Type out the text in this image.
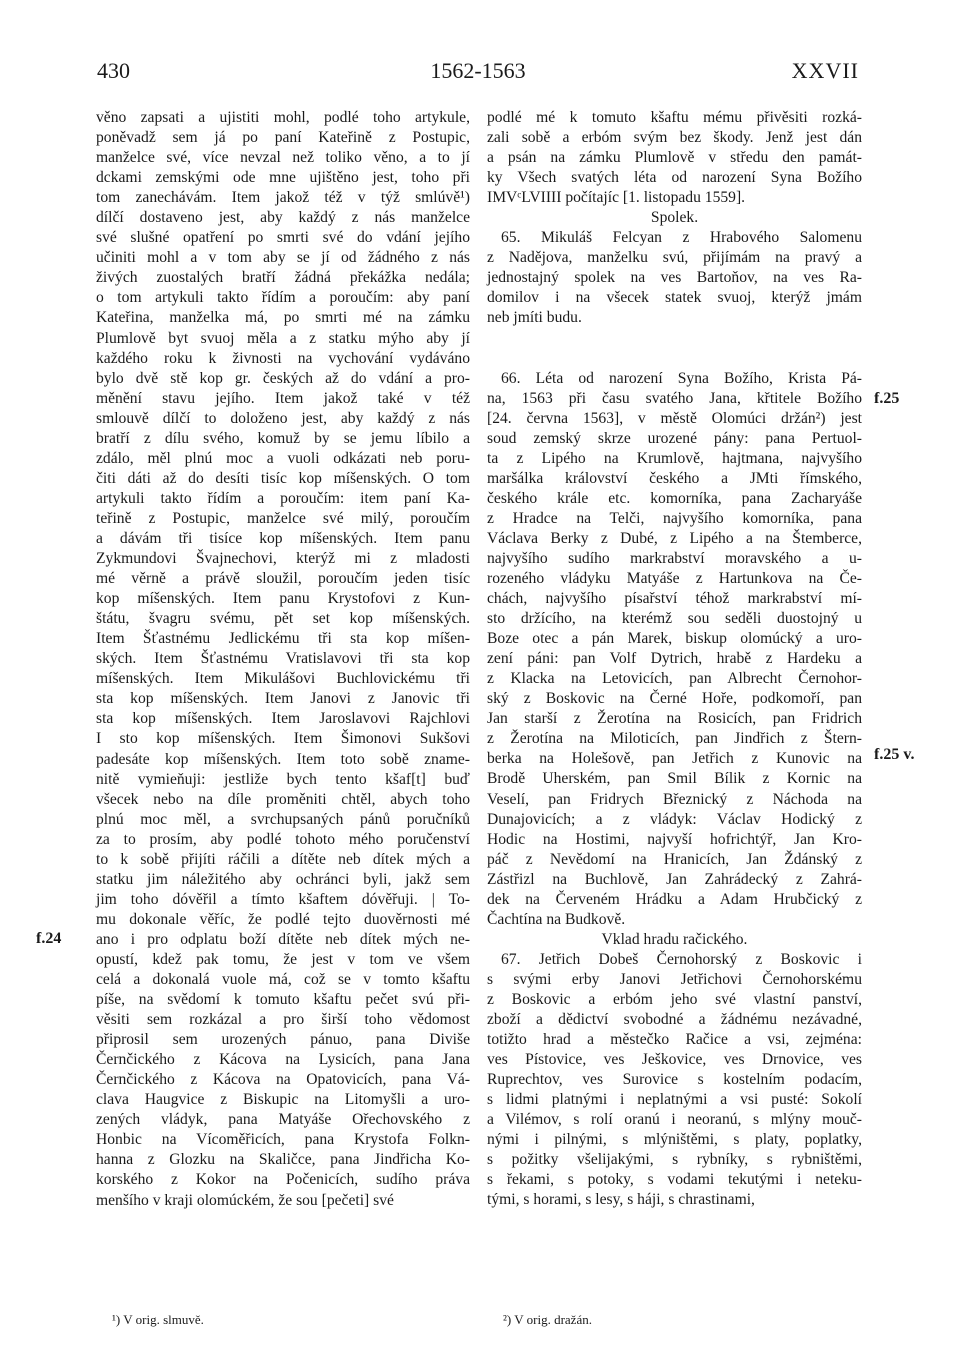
430	1562-1563	XXVII
věno zapsati a ujistiti mohl, podlé toho artykule,
poněvadž sem já po paní Kateřině z Postupic,
manželce své, více nevzal než toliko věno, a to jí
dckami zemskými ode mne ujištěno jest, toho při
tom zanechávám. Item jakož též v týž smlúvě¹)
dílčí dostaveno jest, aby každý z nás manželce
své slušné opatření po smrti své do vdání jejího
učiniti mohl a v tom aby se jí od žádného z nás
živých zuostalých bratří žádná překážka nedála;
o tom artykuli takto řídím a poroučím: aby paní
Kateřina, manželka má, po smrti mé na zámku
Plumlově byt svuoj měla a z statku mýho aby jí
každého roku k živnosti na vychování vydáváno
bylo dvě stě kop gr. českých až do vdání a pro-
měnění stavu jejího. Item jakož také v též
smlouvě dílčí to doloženo jest, aby každý z nás
bratří z dílu svého, komuž by se jemu líbilo a
zdálo, měl plnú moc a vuoli odkázati neb poru-
čiti dáti až do desíti tisíc kop míšenských. O tom
artykuli takto řídím a poroučím: item paní Ka-
teřině z Postupic, manželce své milý, poroučím
a dávám tři tisíce kop míšenských. Item panu
Zykmundovi Švajnechovi, kterýž mi z mladosti
mé věrně a právě sloužil, poroučím jeden tisíc
kop míšenských. Item panu Krystofovi z Kun-
štátu, švagru svému, pět set kop míšenských.
Item Šťastnému Jedlickému tři sta kop míšen-
ských. Item Šťastnému Vratislavovi tři sta kop
míšenských. Item Mikulášovi Buchlovickému tři
sta kop míšenských. Item Janovi z Janovic tři
sta kop míšenských. Item Jaroslavovi Rajchlovi
I sto kop míšenských. Item Šimonovi Sukšovi
padesáte kop míšenských. Item toto sobě zname-
nitě vymieňuji: jestliže bych tento kšaf[t] buď
všecek nebo na díle proměniti chtěl, abych toho
plnú moc měl, a svrchupsaných pánů poručníků
za to prosím, aby podlé tohoto mého poručenství
to k sobě přijíti ráčili a dítěte neb dítek mých a
statku jim náležitého aby ochránci byli, jakž sem
jim toho dóvěřil a tímto kšaftem dóvěřuji. | To-
mu dokonale věříc, že podlé tejto duověrnosti mé
ano i pro odplatu boží dítěte neb dítek mých ne-
opustí, kdež pak tomu, že jest v tom ve všem
celá a dokonalá vuole má, což se v tomto kšaftu
píše, na svědomí k tomuto kšaftu pečet svú při-
věsiti sem rozkázal a pro širší toho vědomost
připrosil sem urozených pánuo, pana Diviše
Černčického z Kácova na Lysicích, pana Jana
Černčického z Kácova na Opatovicích, pana Vá-
clava Haugvice z Biskupic na Litomyšli a uro-
zených vládyk, pana Matyáše Ořechovského z
Honbic na Vícoměřicích, pana Krystofa Folkn-
hanna z Glozku na Skaličce, pana Jindřicha Ko-
korského z Kokor na Počenicích, sudího práva
menšího v kraji olomúckém, že sou [pečeti] své
podlé mé k tomuto kšaftu mému přivěsiti rozká-
zali sobě a erbóm svým bez škody. Jenž jest dán
a psán na zámku Plumlově v středu den památ-
ky Všech svatých léta od narození Syna Božího
IMVᶜLVIIII počítajíc [1. listopadu 1559].
Spolek.
65. Mikuláš Felcyan z Hrabového Salomenu
z Nadějova, manželku svú, přijímám na pravý a
jednostajný spolek na ves Bartoňov, na ves Ra-
domilov i na všecek statek svuoj, kterýž jmám
neb jmíti budu.
66. Léta od narození Syna Božího, Krista Pá-
na, 1563 při času svatého Jana, křtitele Božího
[24. června 1563], v městě Olomúci držán²) jest
soud zemský skrze urozené pány: pana Pertuol-
ta z Lipého na Krumlově, hajtmana, najvyšího
maršálka království českého a JMti římského,
českého krále etc. komorníka, pana Zacharyáše
z Hradce na Telči, najvyšího komorníka, pana
Václava Berky z Dubé, z Lipého a na Štemberce,
najvyšího sudího markrabství moravského a u-
rozeného vládyku Matyáše z Hartunkova na Če-
chách, najvyšího písařství téhož markrabství mí-
sto držícího, na kterémž sou seděli duostojný u
Boze otec a pán Marek, biskup olomúcký a uro-
zení páni: pan Volf Dytrich, hrabě z Hardeku a
z Klacka na Letovicích, pan Albrecht Černohor-
ský z Boskovic na Černé Hoře, podkomoří, pan
Jan starší z Žerotína na Rosicích, pan Fridrich
z Žerotína na Miloticích, pan Jindřich z Štern-
berka na Holešově, pan Jetřich z Kunovic na
Brodě Uherském, pan Smil Bílik z Kornic na
Veselí, pan Fridrych Březnický z Náchoda na
Dunajovicích; a z vládyk: Václav Hodický z
Hodic na Hostimi, najvyší hofrichtýř, Jan Kro-
páč z Nevědomí na Hranicích, Jan Ždánský z
Zástřizl na Buchlově, Jan Zahrádecký z Zahrá-
dek na Červeném Hrádku a Adam Hrubčický z
Čachtína na Budkově.
Vklad hradu račického.
67. Jetřich Dobeš Černohorský z Boskovic i
s svými erby Janovi Jetřichovi Černohorskému
z Boskovic a erbóm jeho své vlastní panství,
zboží a dědictví svobodné a žádnému nezávadné,
totižto hrad a městečko Račice a vsi, zejména:
ves Pístovice, ves Ješkovice, ves Drnovice, ves
Ruprechtov, ves Surovice s kostelním podacím,
s lidmi platnými i neplatnými a vsi pusté: Sokolí
a Vilémov, s rolí oranú i neoranú, s mlýny mouč-
nými i pilnými, s mlýništěmi, s platy, poplatky,
s požitky všelijakými, s rybníky, s rybništěmi,
s řekami, s potoky, s vodami tekutými i neteku-
tými, s horami, s lesy, s háji, s chrastinami,
f.24
f.25
f.25 v.
¹) V orig. slmuvě.	²) V orig. dražán.
